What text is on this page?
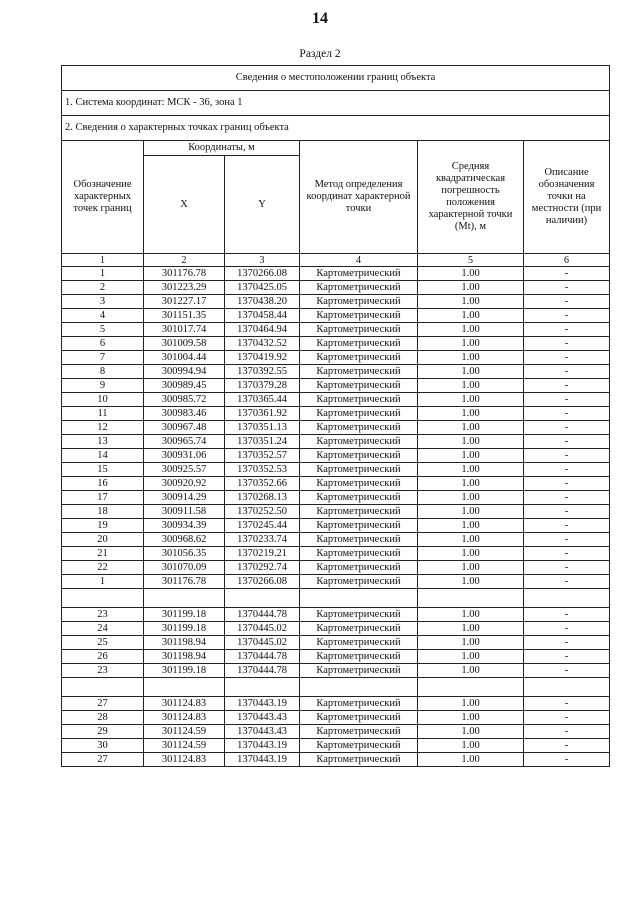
14
Раздел 2
Сведения о местоположении границ объекта					
1. Система координат: МСК - 36, зона 1					
2. Сведения о характерных точках границ объекта					
Обозначение характерных точек границ	Координаты, м		Метод определения координат характерной точки	Средняя квадратическая погрешность положения характерной точки (Mt), м	Описание обозначения точки на местности (при наличии)
	X	Y			
1	2	3	4	5	6
1	301176.78	1370266.08	Картометрический	1.00	-
2	301223.29	1370425.05	Картометрический	1.00	-
3	301227.17	1370438.20	Картометрический	1.00	-
4	301151.35	1370458.44	Картометрический	1.00	-
5	301017.74	1370464.94	Картометрический	1.00	-
6	301009.58	1370432.52	Картометрический	1.00	-
7	301004.44	1370419.92	Картометрический	1.00	-
8	300994.94	1370392.55	Картометрический	1.00	-
9	300989.45	1370379.28	Картометрический	1.00	-
10	300985.72	1370365.44	Картометрический	1.00	-
11	300983.46	1370361.92	Картометрический	1.00	-
12	300967.48	1370351.13	Картометрический	1.00	-
13	300965.74	1370351.24	Картометрический	1.00	-
14	300931.06	1370352.57	Картометрический	1.00	-
15	300925.57	1370352.53	Картометрический	1.00	-
16	300920.92	1370352.66	Картометрический	1.00	-
17	300914.29	1370268.13	Картометрический	1.00	-
18	300911.58	1370252.50	Картометрический	1.00	-
19	300934.39	1370245.44	Картометрический	1.00	-
20	300968.62	1370233.74	Картометрический	1.00	-
21	301056.35	1370219.21	Картометрический	1.00	-
22	301070.09	1370292.74	Картометрический	1.00	-
1	301176.78	1370266.08	Картометрический	1.00	-

23	301199.18	1370444.78	Картометрический	1.00	-
24	301199.18	1370445.02	Картометрический	1.00	-
25	301198.94	1370445.02	Картометрический	1.00	-
26	301198.94	1370444.78	Картометрический	1.00	-
23	301199.18	1370444.78	Картометрический	1.00	-

27	301124.83	1370443.19	Картометрический	1.00	-
28	301124.83	1370443.43	Картометрический	1.00	-
29	301124.59	1370443.43	Картометрический	1.00	-
30	301124.59	1370443.19	Картометрический	1.00	-
27	301124.83	1370443.19	Картометрический	1.00	-
